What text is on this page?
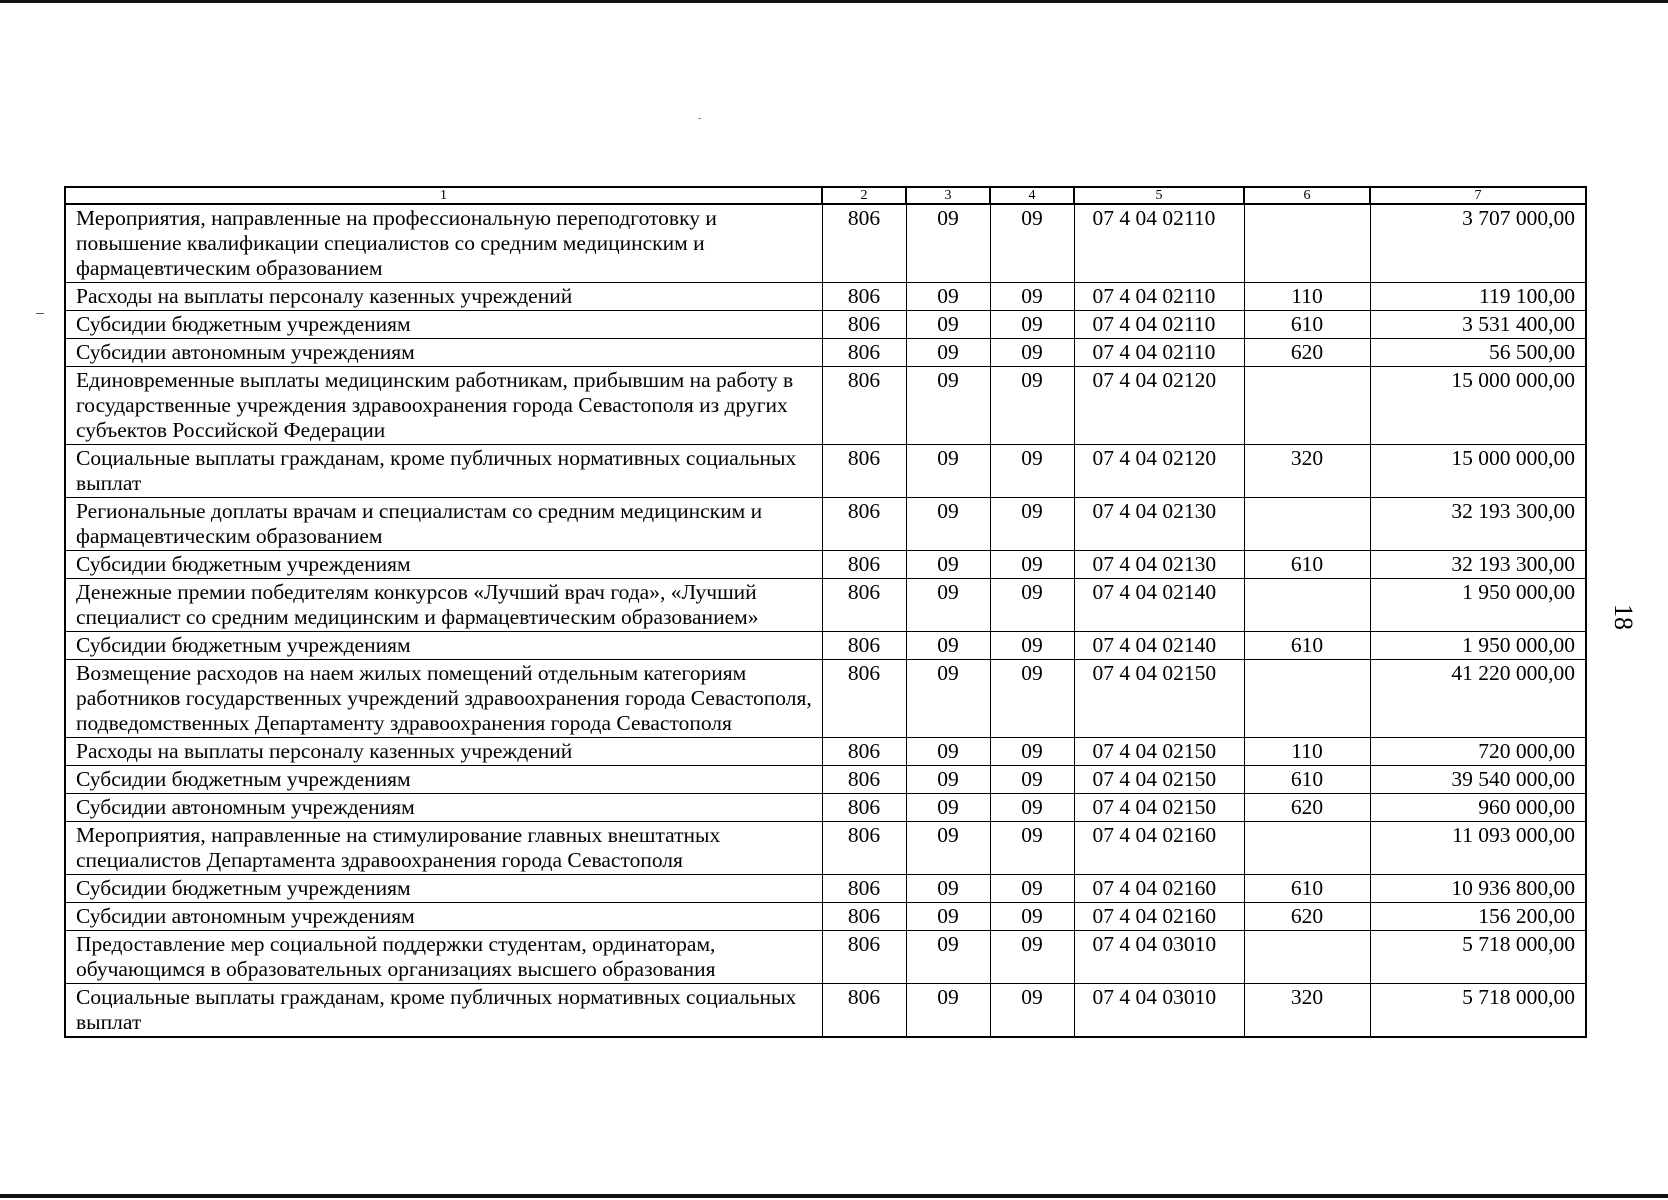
18
1	2	3	4	5	6	7
Мероприятия, направленные на профессиональную переподготовку и повышение квалификации специалистов со средним медицинским и фармацевтическим образованием	806	09	09	07 4 04 02110		3 707 000,00
Расходы на выплаты персоналу казенных учреждений	806	09	09	07 4 04 02110	110	119 100,00
Субсидии бюджетным учреждениям	806	09	09	07 4 04 02110	610	3 531 400,00
Субсидии автономным учреждениям	806	09	09	07 4 04 02110	620	56 500,00
Единовременные выплаты медицинским работникам, прибывшим на работу в государственные учреждения здравоохранения города Севастополя из других субъектов Российской Федерации	806	09	09	07 4 04 02120		15 000 000,00
Социальные выплаты гражданам, кроме публичных нормативных социальных выплат	806	09	09	07 4 04 02120	320	15 000 000,00
Региональные доплаты врачам и специалистам со средним медицинским и фармацевтическим образованием	806	09	09	07 4 04 02130		32 193 300,00
Субсидии бюджетным учреждениям	806	09	09	07 4 04 02130	610	32 193 300,00
Денежные премии победителям конкурсов «Лучший врач года», «Лучший специалист со средним медицинским и фармацевтическим образованием»	806	09	09	07 4 04 02140		1 950 000,00
Субсидии бюджетным учреждениям	806	09	09	07 4 04 02140	610	1 950 000,00
Возмещение расходов на наем жилых помещений отдельным категориям работников государственных учреждений здравоохранения города Севастополя, подведомственных Департаменту здравоохранения города Севастополя	806	09	09	07 4 04 02150		41 220 000,00
Расходы на выплаты персоналу казенных учреждений	806	09	09	07 4 04 02150	110	720 000,00
Субсидии бюджетным учреждениям	806	09	09	07 4 04 02150	610	39 540 000,00
Субсидии автономным учреждениям	806	09	09	07 4 04 02150	620	960 000,00
Мероприятия, направленные на стимулирование главных внештатных специалистов Департамента здравоохранения города Севастополя	806	09	09	07 4 04 02160		11 093 000,00
Субсидии бюджетным учреждениям	806	09	09	07 4 04 02160	610	10 936 800,00
Субсидии автономным учреждениям	806	09	09	07 4 04 02160	620	156 200,00
Предоставление мер социальной поддержки студентам, ординаторам, обучающимся в образовательных организациях высшего образования	806	09	09	07 4 04 03010		5 718 000,00
Социальные выплаты гражданам, кроме публичных нормативных социальных выплат	806	09	09	07 4 04 03010	320	5 718 000,00
